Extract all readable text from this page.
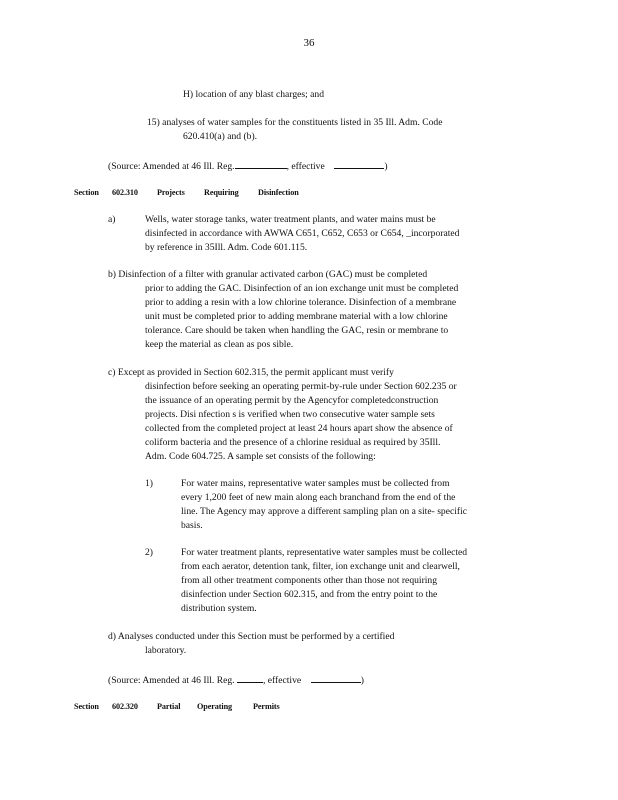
36
H) location of any blast charges; and
15) analyses of water samples for the constituents listed in 35 Ill. Adm. Code
620.410(a) and (b).
(Source: Amended at 46 Ill. Reg.	, effective	)
Section 602.310 Projects Requiring Disinfection
a)	Wells, water storage tanks, water treatment plants, and water mains must be
disinfected in accordance with AWWA C651, C652, C653 or C654, _incorporated
by reference in 35Ill. Adm. Code 601.115.
b) Disinfection of a filter with granular activated carbon (GAC) must be completed
prior to adding the GAC. Disinfection of an ion exchange unit must be completed
prior to adding a resin with a low chlorine tolerance. Disinfection of a membrane
unit must be completed prior to adding membrane material with a low chlorine
tolerance. Care should be taken when handling the GAC, resin or membrane to
keep the material as clean as pos sible.
c) Except as provided in Section 602.315, the permit applicant must verify
disinfection before seeking an operating permit-by-rule under Section 602.235 or
the issuance of an operating permit by the Agencyfor completedconstruction
projects. Disi nfection s is verified when two consecutive water sample sets
collected from the completed project at least 24 hours apart show the absence of
coliform bacteria and the presence of a chlorine residual as required by 35Ill.
Adm. Code 604.725. A sample set consists of the following:
1)	For water mains, representative water samples must be collected from
every 1,200 feet of new main along each branchand from the end of the
line. The Agency may approve a different sampling plan on a site- specific
basis.
2)	For water treatment plants, representative water samples must be collected
from each aerator, detention tank, filter, ion exchange unit and clearwell,
from all other treatment components other than those not requiring
disinfection under Section 602.315, and from the entry point to the
distribution system.
d) Analyses conducted under this Section must be performed by a certified
laboratory.
(Source: Amended at 46 Ill. Reg.	, effective	)
Section 602.320 Partial Operating	Permits
